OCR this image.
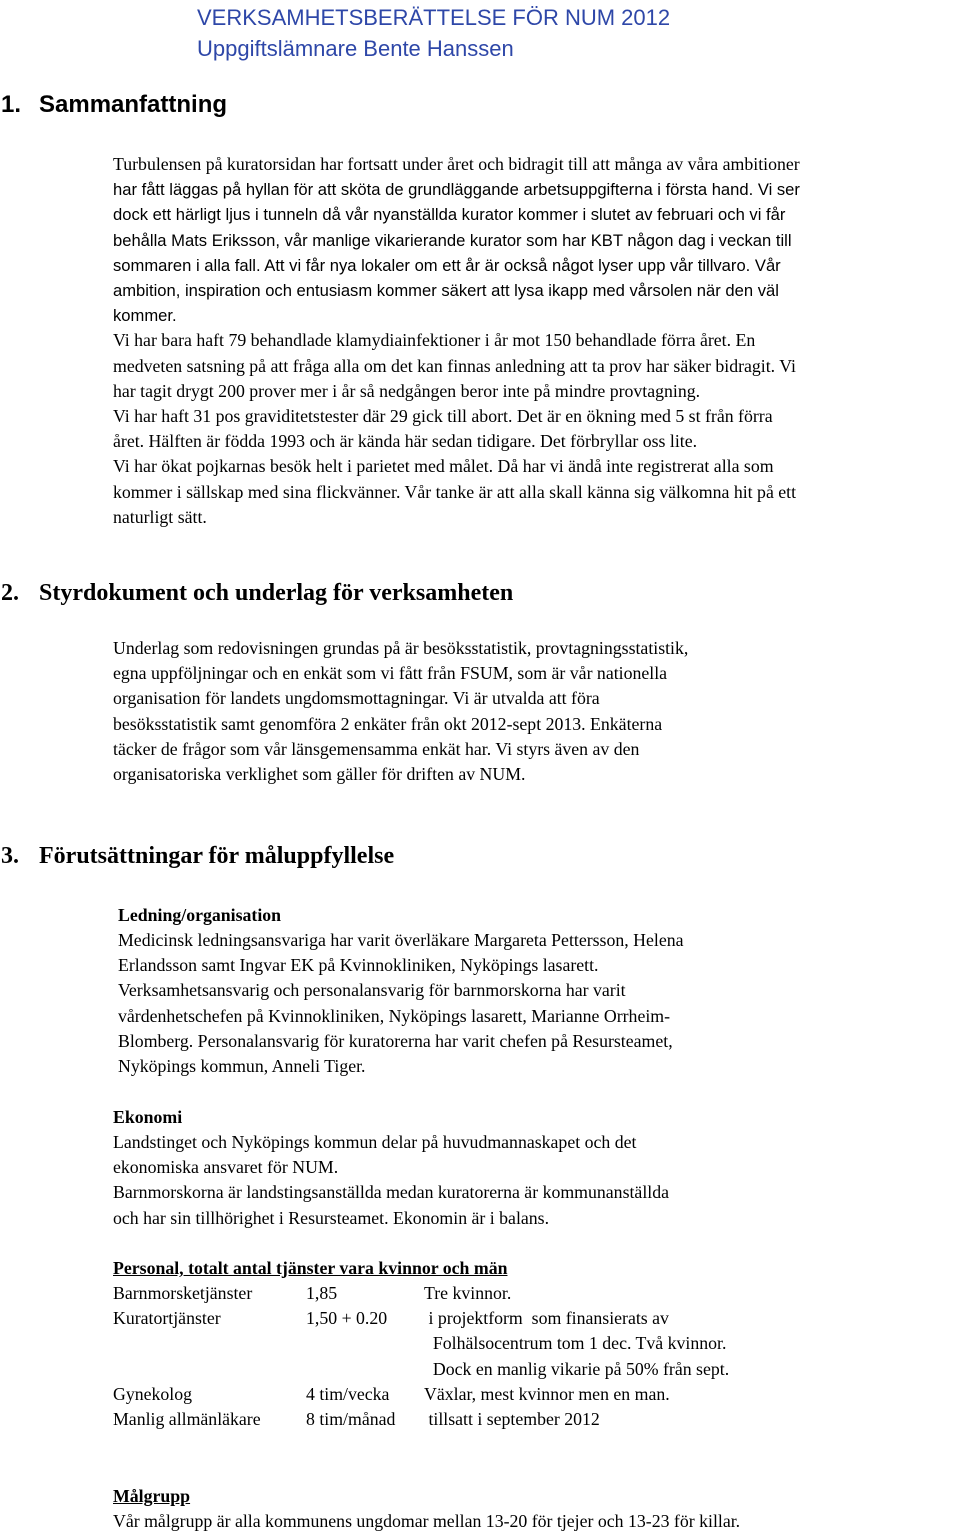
VERKSAMHETSBERÄTTELSE FÖR NUM 2012
Uppgiftslämnare Bente Hanssen
1. Sammanfattning

Turbulensen på kuratorsidan har fortsatt under året och bidragit till att många av våra ambitioner

har fått läggas på hyllan för att sköta de grundläggande arbetsuppgifterna i första hand. Vi ser

dock ett härligt ljus i tunneln då vår nyanställda kurator kommer i slutet av februari och vi får

behålla Mats Eriksson, vår manlige vikarierande kurator som har KBT någon dag i veckan till

sommaren i alla fall. Att vi får nya lokaler om ett år är också något lyser upp vår tillvaro. Vår

ambition, inspiration och entusiasm kommer säkert att lysa ikapp med vårsolen när den väl

kommer.

Vi har bara haft 79 behandlade klamydiainfektioner i år mot 150 behandlade förra året. En

medveten satsning på att fråga alla om det kan finnas anledning att ta prov har säker bidragit. Vi

har tagit drygt 200 prover mer i år så nedgången beror inte på mindre provtagning.

Vi har haft 31 pos graviditetstester där 29 gick till abort. Det är en ökning med 5 st från förra

året. Hälften är födda 1993 och är kända här sedan tidigare. Det förbryllar oss lite.

Vi har ökat pojkarnas besök helt i parietet med målet. Då har vi ändå inte registrerat alla som

kommer i sällskap med sina flickvänner. Vår tanke är att alla skall känna sig välkomna hit på ett

naturligt sätt.

2. Styrdokument och underlag för verksamheten

Underlag som redovisningen grundas på är besöksstatistik, provtagningsstatistik,

egna uppföljningar och en enkät som vi fått från FSUM, som är vår nationella

organisation för landets ungdomsmottagningar. Vi är utvalda att föra

besöksstatistik samt genomföra 2 enkäter från okt 2012-sept 2013. Enkäterna

täcker de frågor som vår länsgemensamma enkät har. Vi styrs även av den

organisatoriska verklighet som gäller för driften av NUM.

3. Förutsättningar för måluppfyllelse

Ledning/organisation

Medicinsk ledningsansvariga har varit överläkare Margareta Pettersson, Helena

Erlandsson samt Ingvar EK på Kvinnokliniken, Nyköpings lasarett.

Verksamhetsansvarig och personalansvarig för barnmorskorna har varit

vårdenhetschefen på Kvinnokliniken, Nyköpings lasarett, Marianne Orrheim-

Blomberg. Personalansvarig för kuratorerna har varit chefen på Resursteamet,

Nyköpings kommun, Anneli Tiger.

Ekonomi

Landstinget och Nyköpings kommun delar på huvudmannaskapet och det

ekonomiska ansvaret för NUM.

Barnmorskorna är landstingsanställda medan kuratorerna är kommunanställda

och har sin tillhörighet i Resursteamet. Ekonomin är i balans.

Personal, totalt antal tjänster vara kvinnor och män

Barnmorsketjänster	1,85	Tre kvinnor.
Kuratortjänster	1,50 + 0.20	i projektform  som finansierats av
		Folhälsocentrum tom 1 dec. Två kvinnor.
		Dock en manlig vikarie på 50% från sept.
Gynekolog	4 tim/vecka	Växlar, mest kvinnor men en man.
Manlig allmänläkare	8 tim/månad	tillsatt i september 2012

Målgrupp

Vår målgrupp är alla kommunens ungdomar mellan 13-20 för tjejer och 13-23 för killar.
